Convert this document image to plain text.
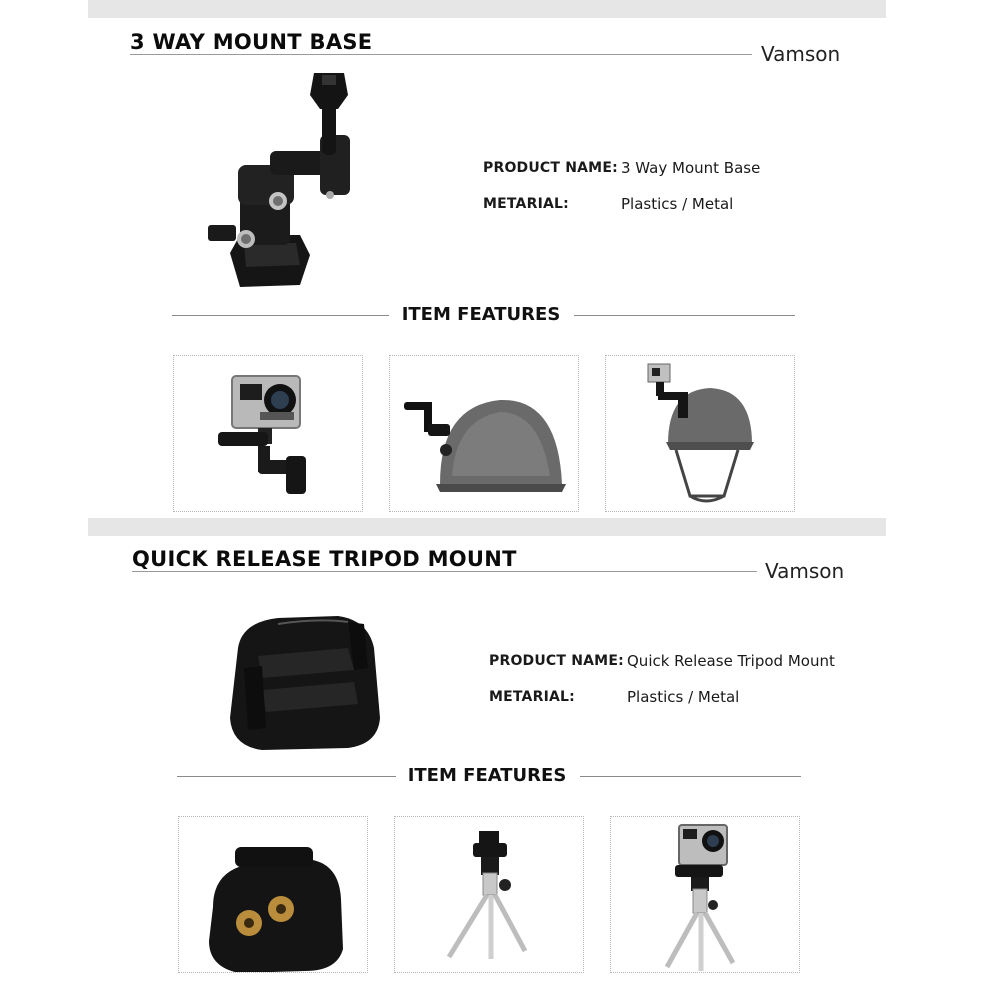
3 WAY MOUNT BASE	Vamson
PRODUCT NAME: 3 Way Mount Base
METARIAL:	Plastics / Metal
ITEM FEATURES
QUICK RELEASE TRIPOD MOUNT	Vamson
PRODUCT NAME: Quick Release Tripod Mount
METARIAL:	Plastics / Metal
ITEM FEATURES
